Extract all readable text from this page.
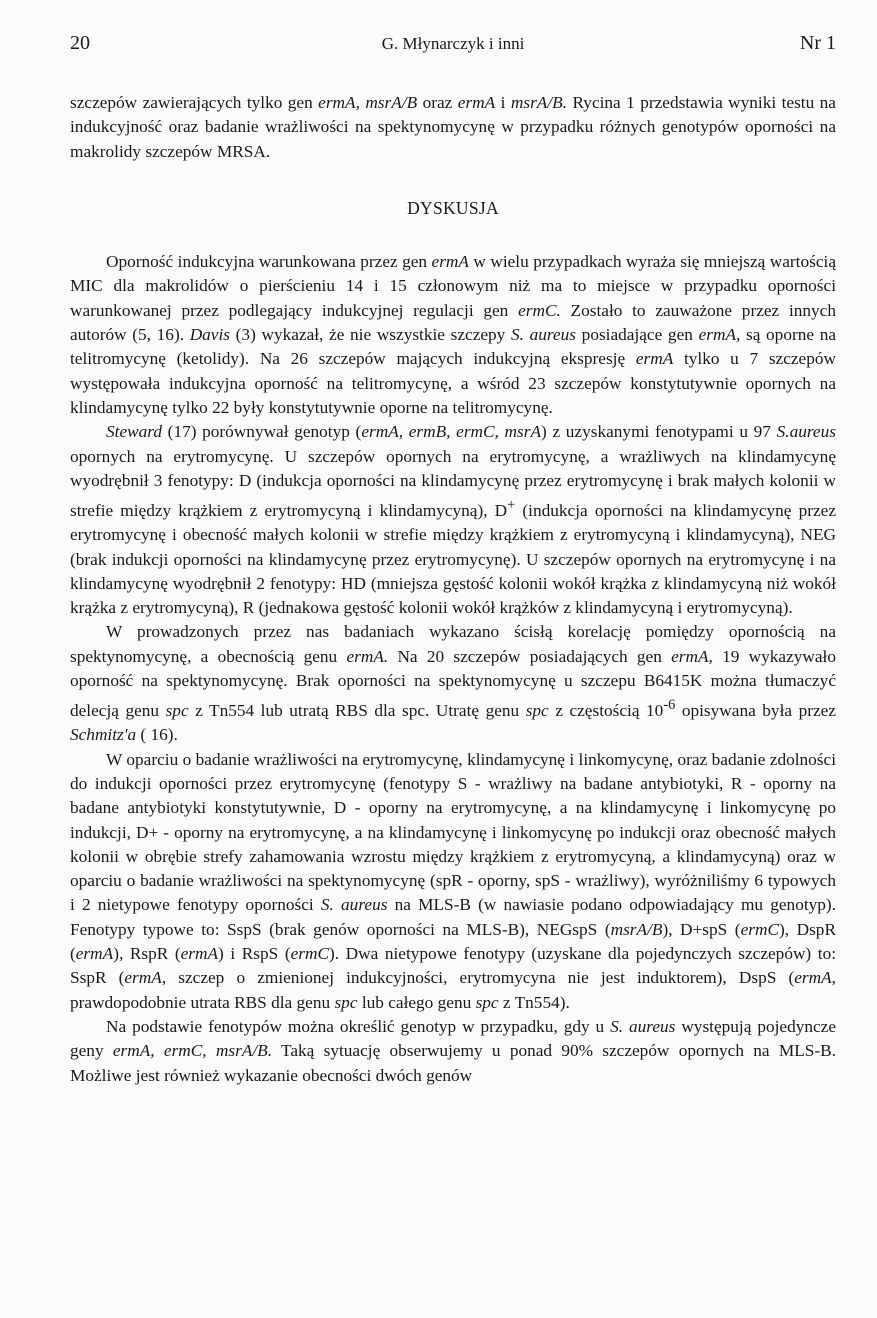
20	G. Młynarczyk i inni	Nr 1

szczepów zawierających tylko gen ermA, msrA/B oraz ermA i msrA/B. Rycina 1 przedstawia wyniki testu na indukcyjność oraz badanie wrażliwości na spektynomycynę w przypadku różnych genotypów oporności na makrolidy szczepów MRSA.

DYSKUSJA

Oporność indukcyjna warunkowana przez gen ermA w wielu przypadkach wyraża się mniejszą wartością MIC dla makrolidów o pierścieniu 14 i 15 członowym niż ma to miejsce w przypadku oporności warunkowanej przez podlegający indukcyjnej regulacji gen ermC. Zostało to zauważone przez innych autorów (5, 16). Davis (3) wykazał, że nie wszystkie szczepy S. aureus posiadające gen ermA, są oporne na telitromycynę (ketolidy). Na 26 szczepów mających indukcyjną ekspresję ermA tylko u 7 szczepów występowała indukcyjna oporność na telitromycynę, a wśród 23 szczepów konstytutywnie opornych na klindamycynę tylko 22 były konstytutywnie oporne na telitromycynę.

Steward (17) porównywał genotyp (ermA, ermB, ermC, msrA) z uzyskanymi fenotypami u 97 S.aureus opornych na erytromycynę. U szczepów opornych na erytromycynę, a wrażliwych na klindamycynę wyodrębnił 3 fenotypy: D (indukcja oporności na klindamycynę przez erytromycynę i brak małych kolonii w strefie między krążkiem z erytromycyną i klindamycyną), D+ (indukcja oporności na klindamycynę przez erytromycynę i obecność małych kolonii w strefie między krążkiem z erytromycyną i klindamycyną), NEG (brak indukcji oporności na klindamycynę przez erytromycynę). U szczepów opornych na erytromycynę i na klindamycynę wyodrębnił 2 fenotypy: HD (mniejsza gęstość kolonii wokół krążka z klindamycyną niż wokół krążka z erytromycyną), R (jednakowa gęstość kolonii wokół krążków z klindamycyną i erytromycyną).

W prowadzonych przez nas badaniach wykazano ścisłą korelację pomiędzy opornością na spektynomycynę, a obecnością genu ermA. Na 20 szczepów posiadających gen ermA, 19 wykazywało oporność na spektynomycynę. Brak oporności na spektynomycynę u szczepu B6415K można tłumaczyć delecją genu spc z Tn554 lub utratą RBS dla spc. Utratę genu spc z częstością $10^{-6}$ opisywana była przez Schmitz'a ( 16).

W oparciu o badanie wrażliwości na erytromycynę, klindamycynę i linkomycynę, oraz badanie zdolności do indukcji oporności przez erytromycynę (fenotypy S - wrażliwy na badane antybiotyki, R - oporny na badane antybiotyki konstytutywnie, D - oporny na erytromycynę, a na klindamycynę i linkomycynę po indukcji, D+ - oporny na erytromycynę, a na klindamycynę i linkomycynę po indukcji oraz obecność małych kolonii w obrębie strefy zahamowania wzrostu między krążkiem z erytromycyną, a klindamycyną) oraz w oparciu o badanie wrażliwości na spektynomycynę (spR - oporny, spS - wrażliwy), wyróżniliśmy 6 typowych i 2 nietypowe fenotypy oporności S. aureus na MLS-B (w nawiasie podano odpowiadający mu genotyp). Fenotypy typowe to: SspS (brak genów oporności na MLS-B), NEGspS (msrA/B), D+spS (ermC), DspR (ermA), RspR (ermA) i RspS (ermC). Dwa nietypowe fenotypy (uzyskane dla pojedynczych szczepów) to: SspR (ermA, szczep o zmienionej indukcyjności, erytromycyna nie jest induktorem), DspS (ermA, prawdopodobnie utrata RBS dla genu spc lub całego genu spc z Tn554).

Na podstawie fenotypów można określić genotyp w przypadku, gdy u S. aureus występują pojedyncze geny ermA, ermC, msrA/B. Taką sytuację obserwujemy u ponad 90% szczepów opornych na MLS-B. Możliwe jest również wykazanie obecności dwóch genów
